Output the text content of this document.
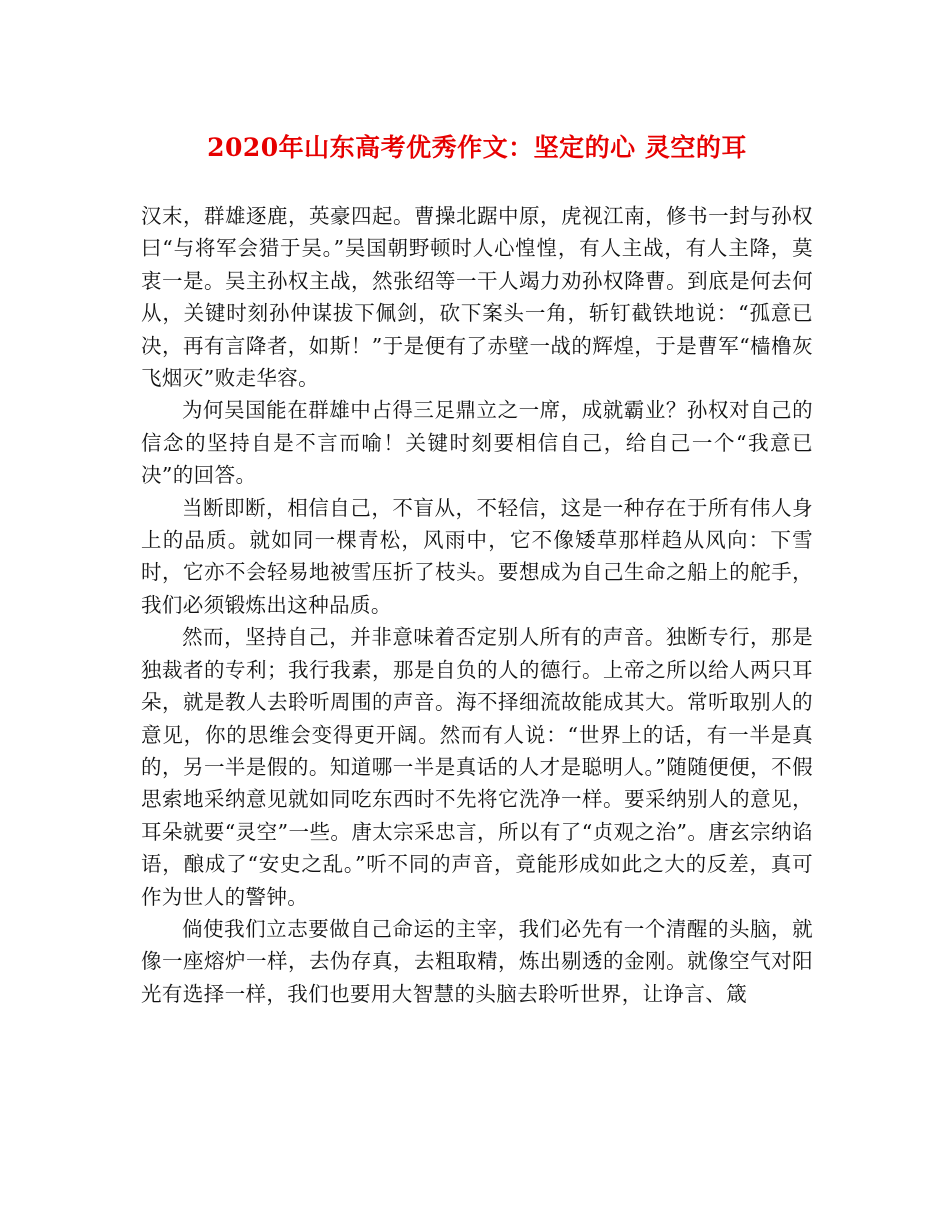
2020年山东高考优秀作文：坚定的心 灵空的耳

汉末，群雄逐鹿，英豪四起。曹操北踞中原，虎视江南，修书一封与孙权曰“与将军会猎于吴。”吴国朝野顿时人心惶惶，有人主战，有人主降，莫衷一是。吴主孙权主战，然张绍等一干人竭力劝孙权降曹。到底是何去何从，关键时刻孙仲谋拔下佩剑，砍下案头一角，斩钉截铁地说：“孤意已决，再有言降者，如斯！”于是便有了赤壁一战的辉煌，于是曹军“樯橹灰飞烟灭”败走华容。

为何吴国能在群雄中占得三足鼎立之一席，成就霸业？孙权对自己的信念的坚持自是不言而喻！关键时刻要相信自己，给自己一个“我意已决”的回答。

当断即断，相信自己，不盲从，不轻信，这是一种存在于所有伟人身上的品质。就如同一棵青松，风雨中，它不像矮草那样趋从风向：下雪时，它亦不会轻易地被雪压折了枝头。要想成为自己生命之船上的舵手，我们必须锻炼出这种品质。

然而，坚持自己，并非意味着否定别人所有的声音。独断专行，那是独裁者的专利；我行我素，那是自负的人的德行。上帝之所以给人两只耳朵，就是教人去聆听周围的声音。海不择细流故能成其大。常听取别人的意见，你的思维会变得更开阔。然而有人说：“世界上的话，有一半是真的，另一半是假的。知道哪一半是真话的人才是聪明人。”随随便便，不假思索地采纳意见就如同吃东西时不先将它洗净一样。要采纳别人的意见，耳朵就要“灵空”一些。唐太宗采忠言，所以有了“贞观之治”。唐玄宗纳谄语，酿成了“安史之乱。”听不同的声音，竟能形成如此之大的反差，真可作为世人的警钟。

倘使我们立志要做自己命运的主宰，我们必先有一个清醒的头脑，就像一座熔炉一样，去伪存真，去粗取精，炼出剔透的金刚。就像空气对阳光有选择一样，我们也要用大智慧的头脑去聆听世界，让诤言、箴
